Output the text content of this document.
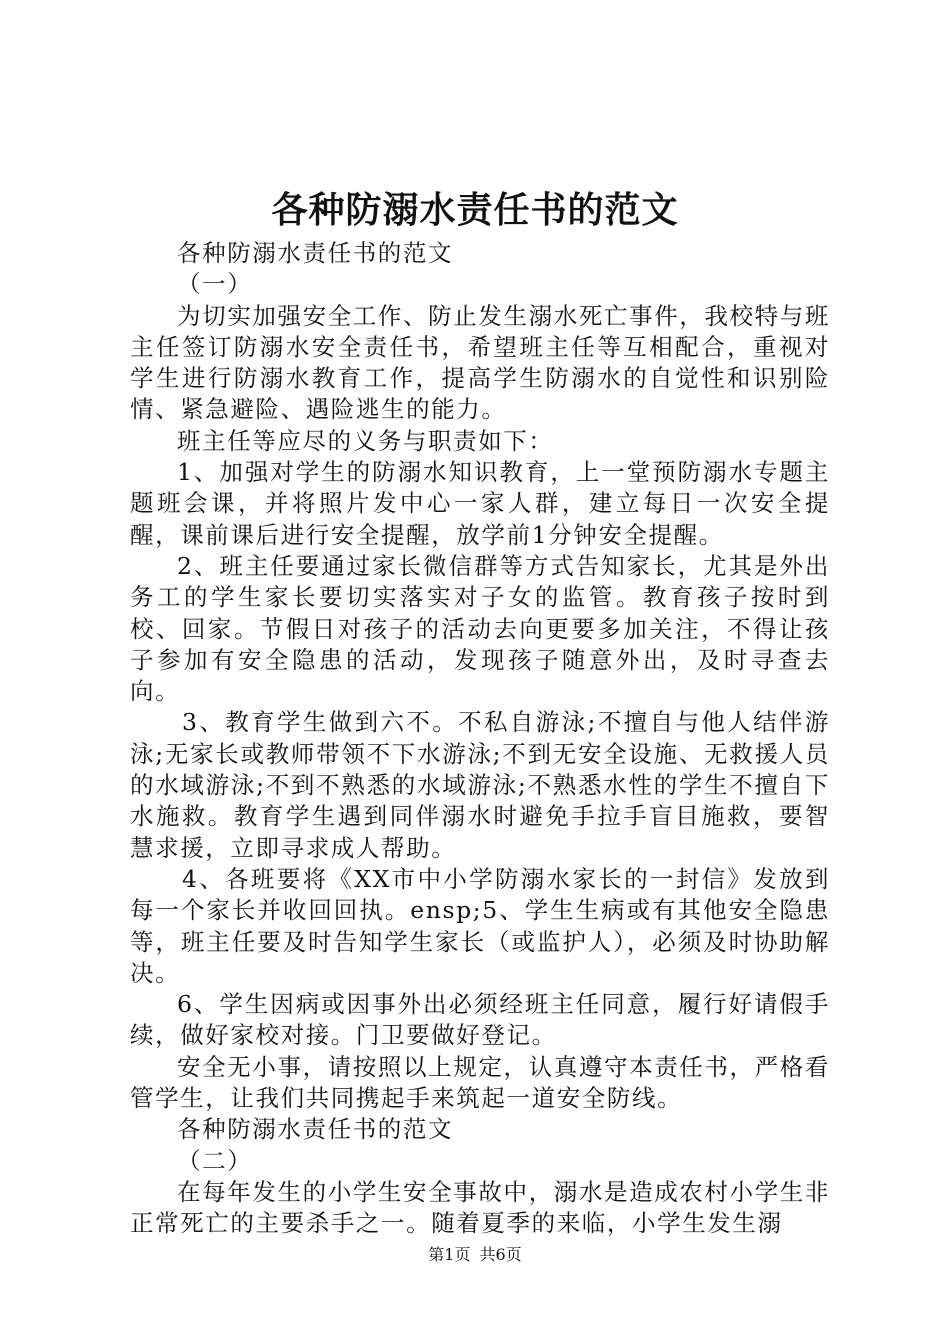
各种防溺水责任书的范文

各种防溺水责任书的范文

（一）

为切实加强安全工作、防止发生溺水死亡事件，我校特与班主任签订防溺水安全责任书，希望班主任等互相配合，重视对学生进行防溺水教育工作，提高学生防溺水的自觉性和识别险情、紧急避险、遇险逃生的能力。

班主任等应尽的义务与职责如下：

1、加强对学生的防溺水知识教育，上一堂预防溺水专题主题班会课，并将照片发中心一家人群，建立每日一次安全提醒，课前课后进行安全提醒，放学前1分钟安全提醒。

2、班主任要通过家长微信群等方式告知家长，尤其是外出务工的学生家长要切实落实对子女的监管。教育孩子按时到校、回家。节假日对孩子的活动去向更要多加关注，不得让孩子参加有安全隐患的活动，发现孩子随意外出，及时寻查去向。

3、教育学生做到六不。不私自游泳;不擅自与他人结伴游泳;无家长或教师带领不下水游泳;不到无安全设施、无救援人员的水域游泳;不到不熟悉的水域游泳;不熟悉水性的学生不擅自下水施救。教育学生遇到同伴溺水时避免手拉手盲目施救，要智慧求援，立即寻求成人帮助。

4、各班要将《XX市中小学防溺水家长的一封信》发放到每一个家长并收回回执。ensp;5、学生生病或有其他安全隐患等，班主任要及时告知学生家长（或监护人），必须及时协助解决。

6、学生因病或因事外出必须经班主任同意，履行好请假手续，做好家校对接。门卫要做好登记。

安全无小事，请按照以上规定，认真遵守本责任书，严格看管学生，让我们共同携起手来筑起一道安全防线。

各种防溺水责任书的范文

（二）

在每年发生的小学生安全事故中，溺水是造成农村小学生非正常死亡的主要杀手之一。随着夏季的来临，小学生发生溺

第1页 共6页
